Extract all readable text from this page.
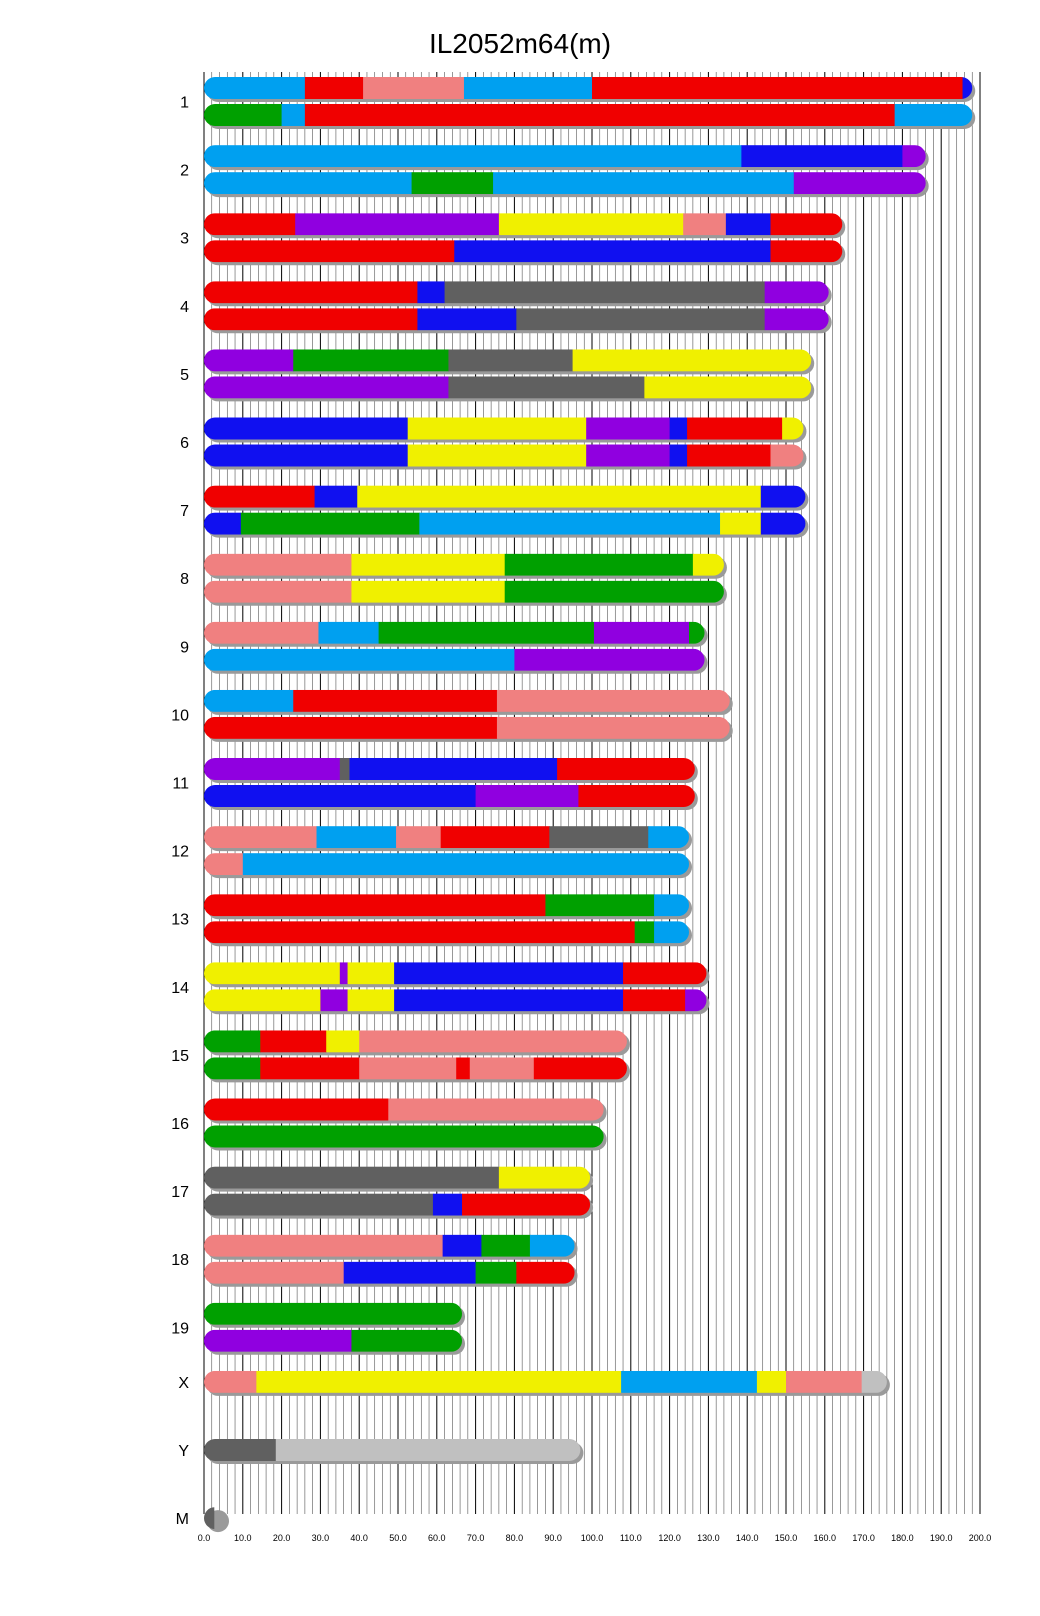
IL2052m64(m)
0.0	10.0 20.0 30.0 40.0 50.0 60.0 70.0 80.0 90.0 100.0 110.0 120.0 130.0 140.0 150.0 160.0 170.0 180.0 190.0 200.0
1
2
3
4
5
6
7
8
9
10
11
12
13
14
15
16
17
18
19
X
Y
M
